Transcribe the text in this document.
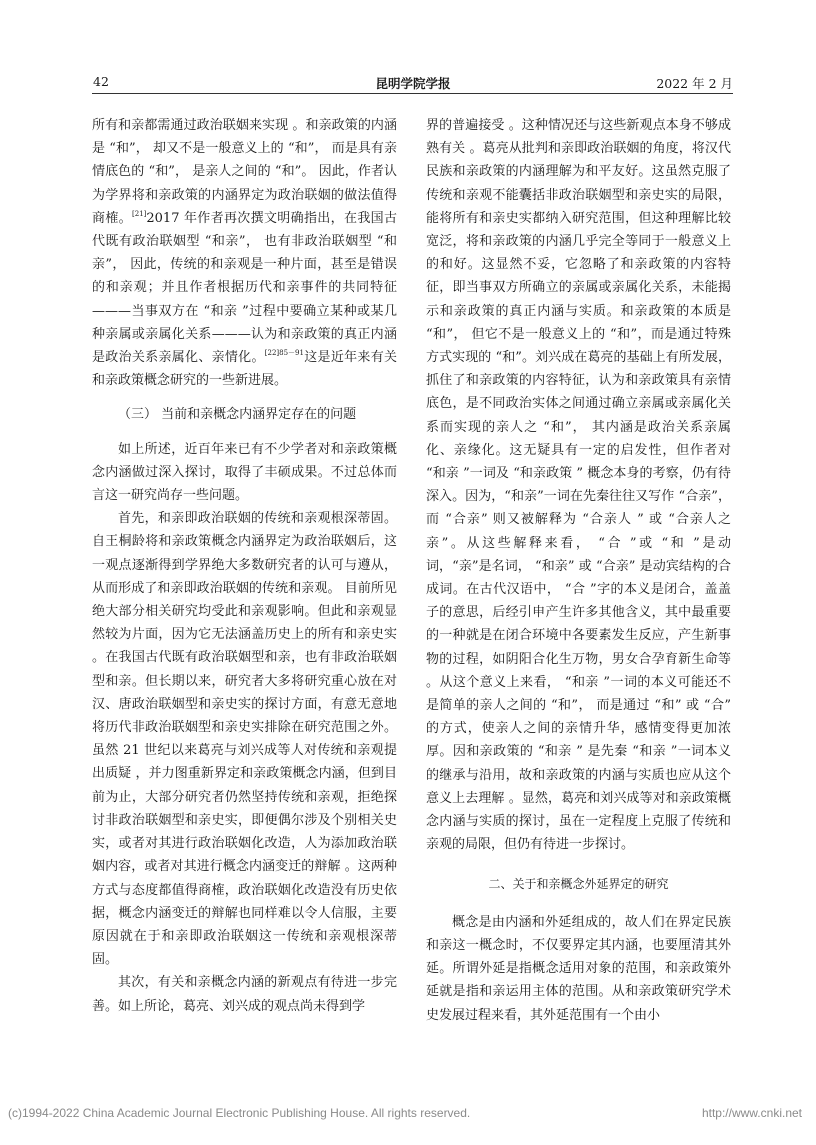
42	昆明学院学报	2022 年 2 月

所有和亲都需通过政治联姻来实现 。和亲政策的内涵是 “和”， 却又不是一般意义上的 “和”， 而是具有亲情底色的 “和”， 是亲人之间的 “和”。 因此，作者认为学界将和亲政策的内涵界定为政治联姻的做法值得商榷。[21]2017 年作者再次撰文明确指出，在我国古代既有政治联姻型 “和亲”， 也有非政治联姻型 “和亲”， 因此，传统的和亲观是一种片面，甚至是错误的和亲观；并且作者根据历代和亲事件的共同特征———当事双方在 “和亲 ”过程中要确立某种或某几种亲属或亲属化关系———认为和亲政策的真正内涵是政治关系亲属化、亲情化。$^{[22]85-91}$这是近年来有关和亲政策概念研究的一些新进展。

（三） 当前和亲概念内涵界定存在的问题

如上所述，近百年来已有不少学者对和亲政策概念内涵做过深入探讨，取得了丰硕成果。不过总体而言这一研究尚存一些问题。

首先，和亲即政治联姻的传统和亲观根深蒂固。自王桐龄将和亲政策概念内涵界定为政治联姻后，这一观点逐渐得到学界绝大多数研究者的认可与遵从，从而形成了和亲即政治联姻的传统和亲观。 目前所见绝大部分相关研究均受此和亲观影响。但此和亲观显然较为片面，因为它无法涵盖历史上的所有和亲史实 。在我国古代既有政治联姻型和亲，也有非政治联姻型和亲。但长期以来，研究者大多将研究重心放在对汉、唐政治联姻型和亲史实的探讨方面，有意无意地将历代非政治联姻型和亲史实排除在研究范围之外。虽然 21 世纪以来葛亮与刘兴成等人对传统和亲观提出质疑 ，并力图重新界定和亲政策概念内涵，但到目前为止，大部分研究者仍然坚持传统和亲观，拒绝探讨非政治联姻型和亲史实，即便偶尔涉及个别相关史实，或者对其进行政治联姻化改造，人为添加政治联姻内容，或者对其进行概念内涵变迁的辩解 。这两种方式与态度都值得商榷，政治联姻化改造没有历史依据，概念内涵变迁的辩解也同样难以令人信服，主要原因就在于和亲即政治联姻这一传统和亲观根深蒂固。

其次，有关和亲概念内涵的新观点有待进一步完善。如上所论，葛亮、刘兴成的观点尚未得到学

界的普遍接受 。这种情况还与这些新观点本身不够成熟有关 。葛亮从批判和亲即政治联姻的角度，将汉代民族和亲政策的内涵理解为和平友好。这虽然克服了传统和亲观不能囊括非政治联姻型和亲史实的局限，能将所有和亲史实都纳入研究范围，但这种理解比较宽泛，将和亲政策的内涵几乎完全等同于一般意义上的和好。这显然不妥，它忽略了和亲政策的内容特征，即当事双方所确立的亲属或亲属化关系，未能揭示和亲政策的真正内涵与实质。和亲政策的本质是 “和”， 但它不是一般意义上的 “和”，而是通过特殊方式实现的 “和”。刘兴成在葛亮的基础上有所发展，抓住了和亲政策的内容特征，认为和亲政策具有亲情底色，是不同政治实体之间通过确立亲属或亲属化关系而实现的亲人之 “和”， 其内涵是政治关系亲属化、亲缘化。这无疑具有一定的启发性，但作者对 “和亲 ”一词及 “和亲政策 ” 概念本身的考察，仍有待深入。因为，“和亲”一词在先秦往往又写作 “合亲”， 而 “合亲” 则又被解释为 “合亲人 ” 或 “合亲人之亲”。从这些解释来看， “合 ”或 “和 ”是动词，“亲”是名词， “和亲” 或 “合亲” 是动宾结构的合成词。在古代汉语中， “合 ”字的本义是闭合，盖盖子的意思，后经引申产生许多其他含义，其中最重要的一种就是在闭合环境中各要素发生反应，产生新事物的过程，如阴阳合化生万物，男女合孕育新生命等 。从这个意义上来看， “和亲 ”一词的本义可能还不是简单的亲人之间的 “和”， 而是通过 “和” 或 “合” 的方式，使亲人之间的亲情升华，感情变得更加浓厚。因和亲政策的 “和亲 ” 是先秦 “和亲 ”一词本义的继承与沿用，故和亲政策的内涵与实质也应从这个意义上去理解 。显然，葛亮和刘兴成等对和亲政策概念内涵与实质的探讨，虽在一定程度上克服了传统和亲观的局限，但仍有待进一步探讨。

二、关于和亲概念外延界定的研究

概念是由内涵和外延组成的，故人们在界定民族和亲这一概念时，不仅要界定其内涵，也要厘清其外延。所谓外延是指概念适用对象的范围，和亲政策外延就是指和亲运用主体的范围。从和亲政策研究学术史发展过程来看，其外延范围有一个由小

(c)1994-2022 China Academic Journal Electronic Publishing House. All rights reserved.	http://www.cnki.net
